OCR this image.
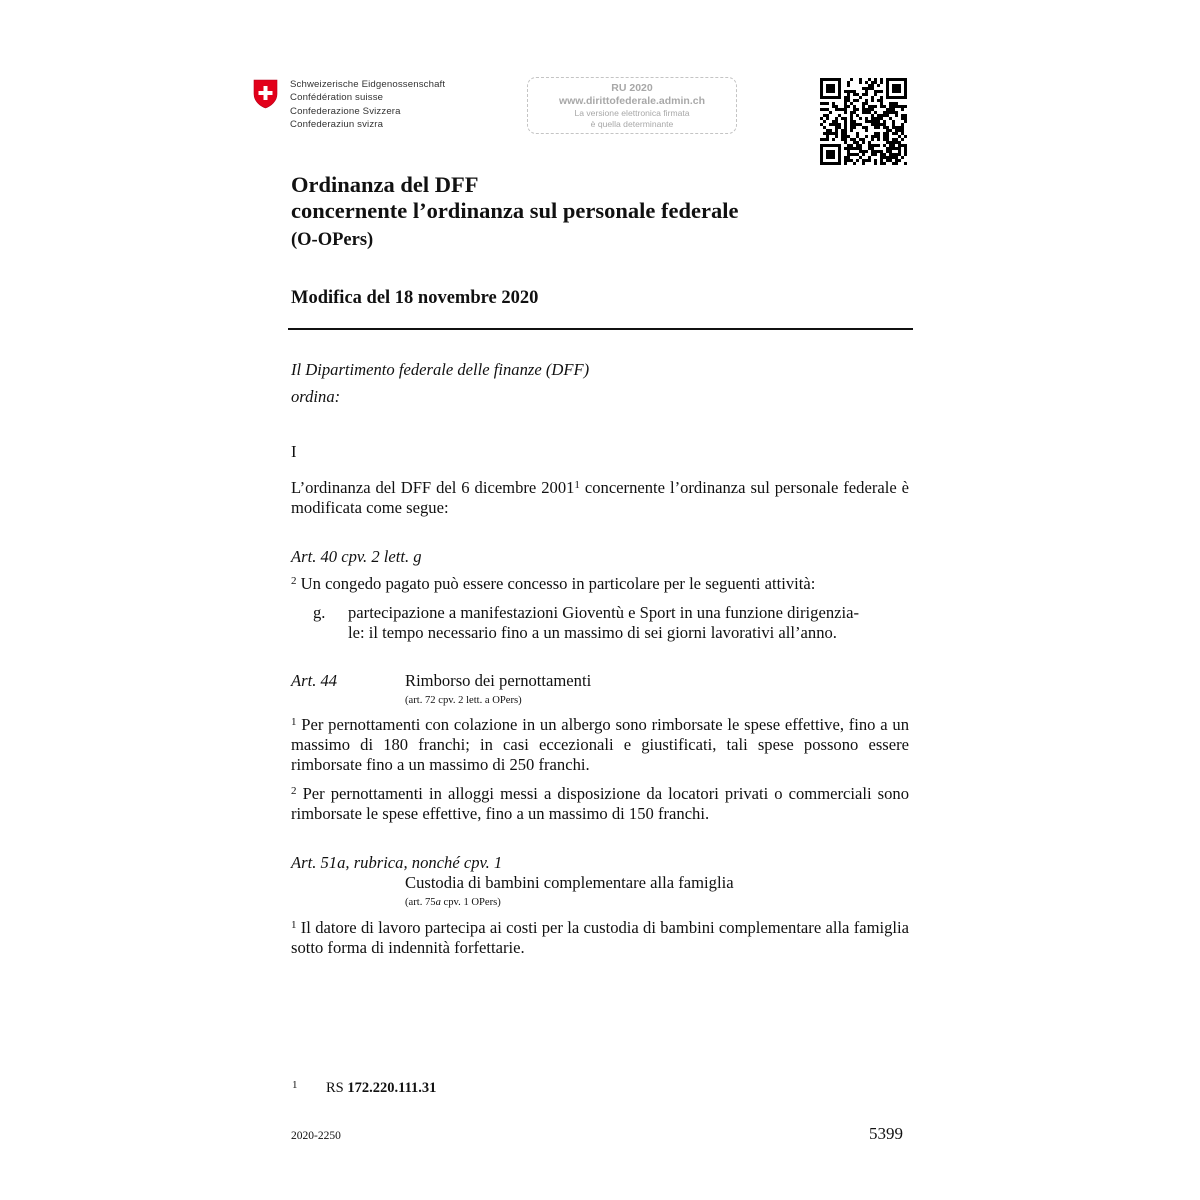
Schweizerische Eidgenossenschaft
Confédération suisse
Confederazione Svizzera
Confederaziun svizra
RU 2020
www.dirittofederale.admin.ch
La versione elettronica firmata
è quella determinante
Ordinanza del DFF
concernente l’ordinanza sul personale federale
(O-OPers)
Modifica del 18 novembre 2020
Il Dipartimento federale delle finanze (DFF)
ordina:
I
L’ordinanza del DFF del 6 dicembre 2001$^1$ concernente l’ordinanza sul personale federale è modificata come segue:
Art. 40 cpv. 2 lett. g
$^2$ Un congedo pagato può essere concesso in particolare per le seguenti attività:
g. partecipazione a manifestazioni Gioventù e Sport in una funzione dirigenzia-
le: il tempo necessario fino a un massimo di sei giorni lavorativi all’anno.
Art. 44	Rimborso dei pernottamenti
(art. 72 cpv. 2 lett. a OPers)
$^1$ Per pernottamenti con colazione in un albergo sono rimborsate le spese effettive, fino a un massimo di 180 franchi; in casi eccezionali e giustificati, tali spese possono essere rimborsate fino a un massimo di 250 franchi.
$^2$ Per pernottamenti in alloggi messi a disposizione da locatori privati o commerciali sono rimborsate le spese effettive, fino a un massimo di 150 franchi.
Art. 51a, rubrica, nonché cpv. 1
Custodia di bambini complementare alla famiglia
(art. 75a cpv. 1 OPers)
$^1$ Il datore di lavoro partecipa ai costi per la custodia di bambini complementare alla famiglia sotto forma di indennità forfettarie.
1 RS 172.220.111.31
2020-2250	5399
